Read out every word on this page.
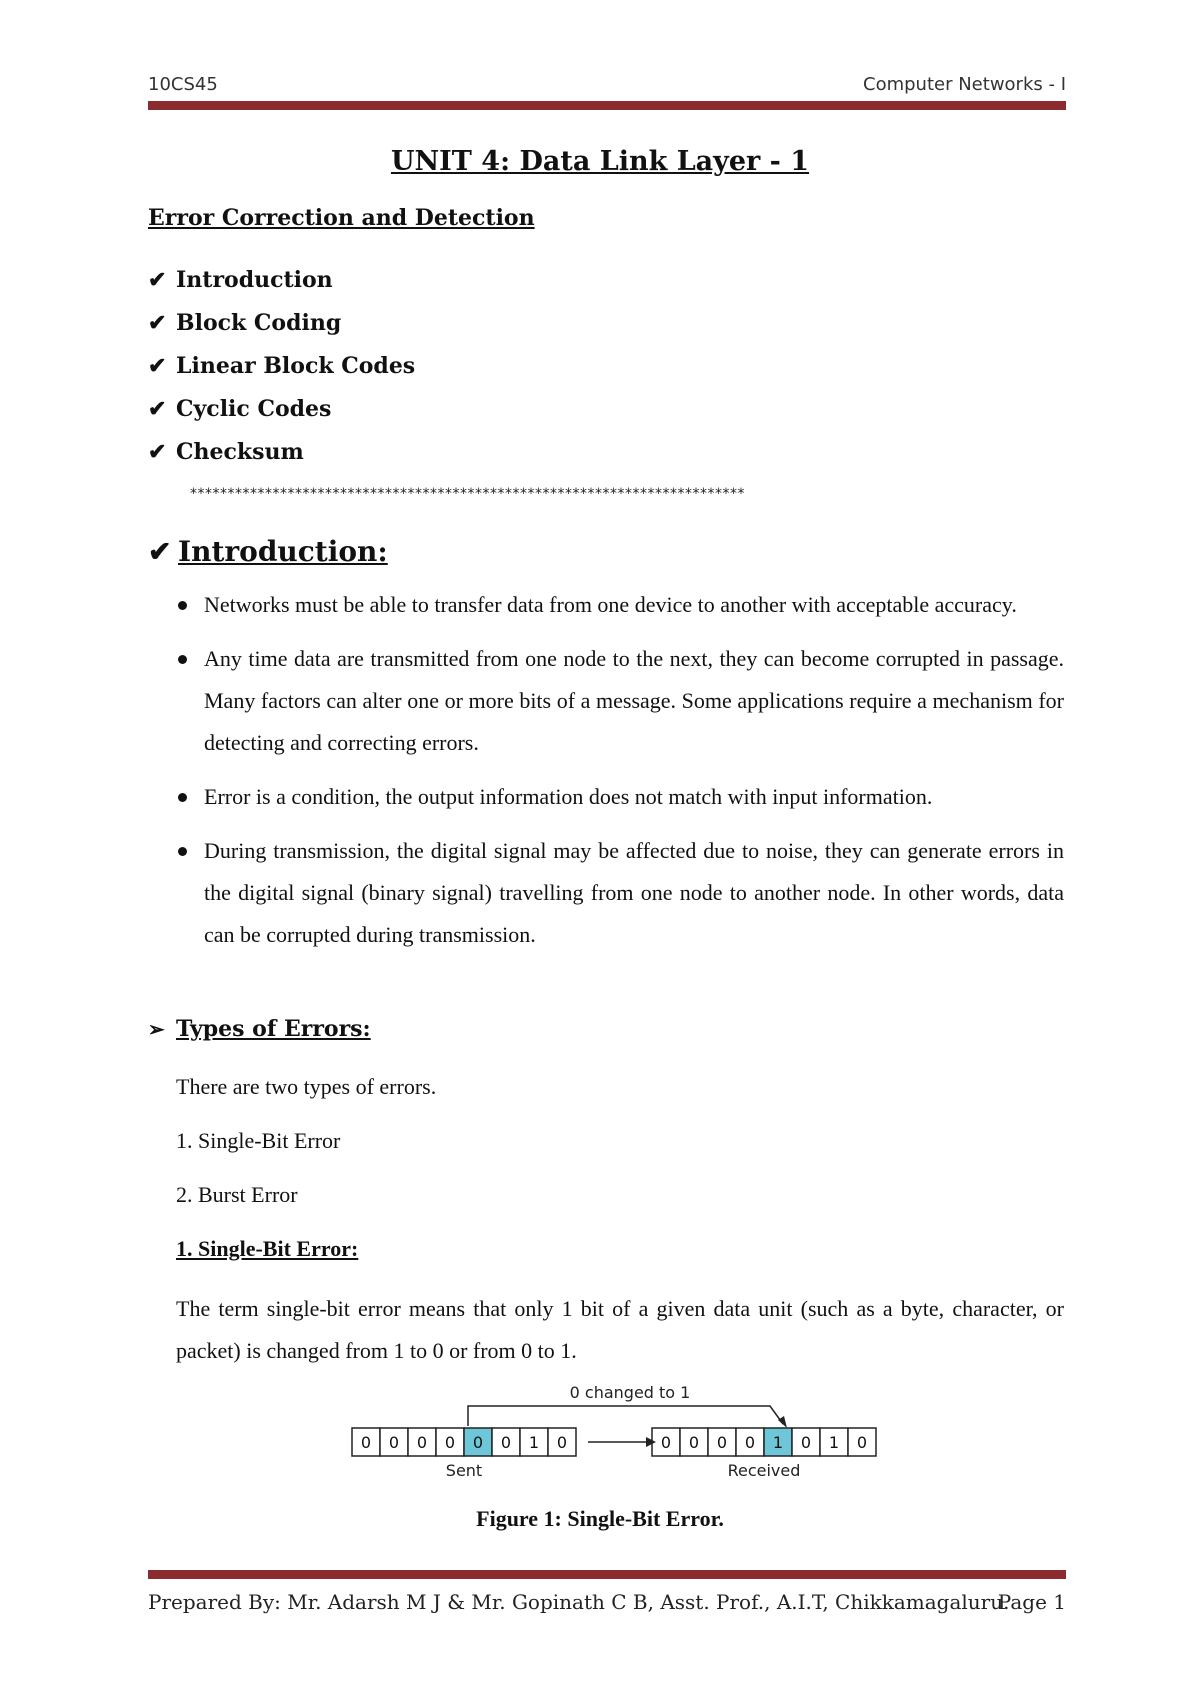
10CS45	Computer Networks - I
UNIT 4: Data Link Layer - 1
Error Correction and Detection
✔ Introduction
✔ Block Coding
✔ Linear Block Codes
✔ Cyclic Codes
✔ Checksum
**************************************************************************
✔ Introduction:
Networks must be able to transfer data from one device to another with acceptable accuracy.
Any time data are transmitted from one node to the next, they can become corrupted in passage. Many factors can alter one or more bits of a message. Some applications require a mechanism for detecting and correcting errors.
Error is a condition, the output information does not match with input information.
During transmission, the digital signal may be affected due to noise, they can generate errors in the digital signal (binary signal) travelling from one node to another node. In other words, data can be corrupted during transmission.
➢ Types of Errors:
There are two types of errors.
1. Single-Bit Error
2. Burst Error
1. Single-Bit Error:
The term single-bit error means that only 1 bit of a given data unit (such as a byte, character, or packet) is changed from 1 to 0 or from 0 to 1.
0 changed to 1
0 0 0 0 0 0 1 0	0 0 0 0 1 0 1 0
Sent	Received
Figure 1: Single-Bit Error.
Prepared By: Mr. Adarsh M J & Mr. Gopinath C B, Asst. Prof., A.I.T, Chikkamagaluru.
Page 1
